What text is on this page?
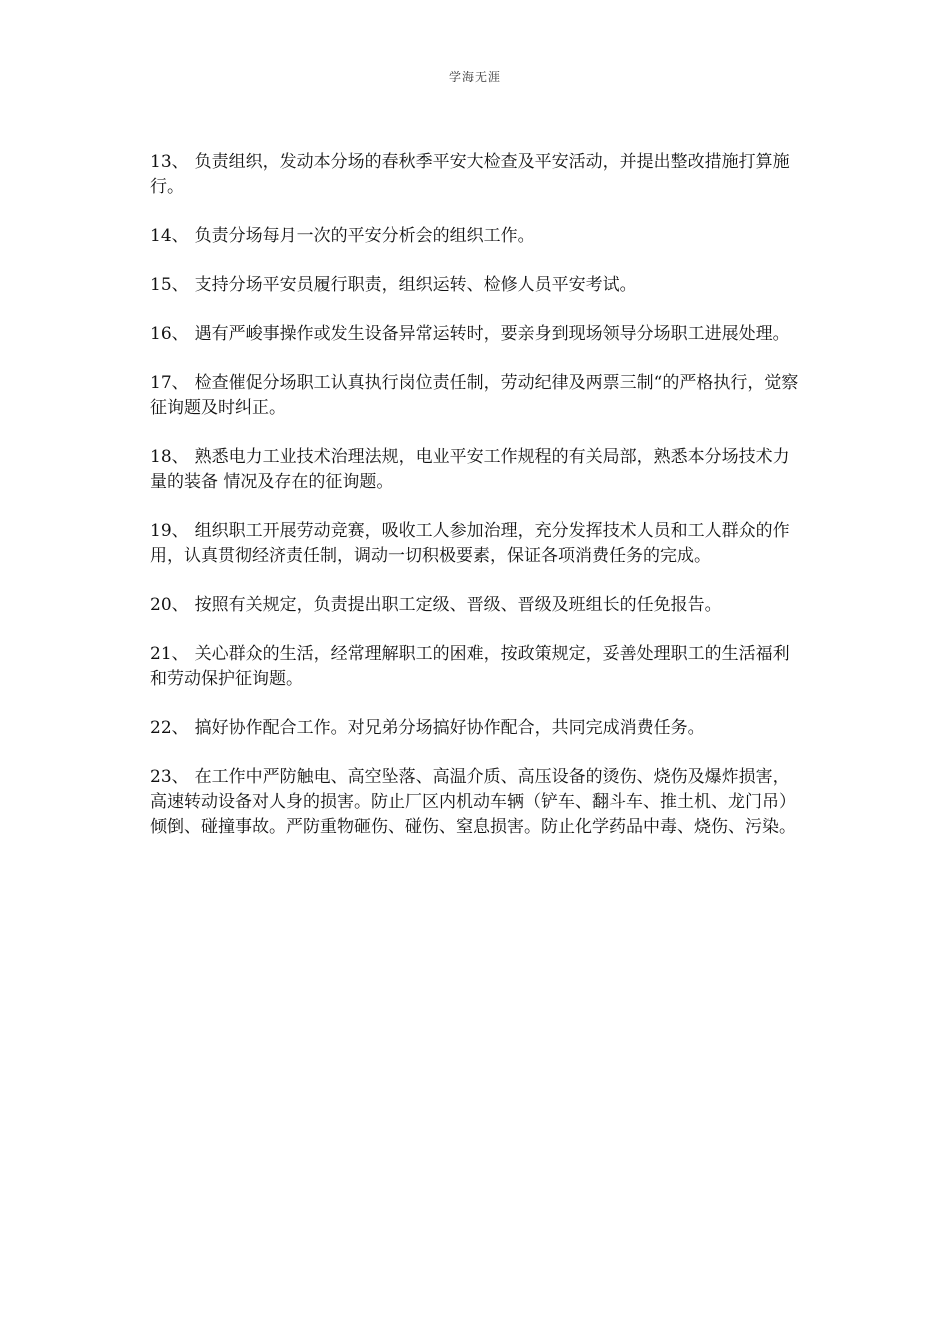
学海无涯

13、 负责组织，发动本分场的春秋季平安大检查及平安活动，并提出整改措施打算施行。

14、 负责分场每月一次的平安分析会的组织工作。

15、 支持分场平安员履行职责，组织运转、检修人员平安考试。

16、 遇有严峻事操作或发生设备异常运转时，要亲身到现场领导分场职工进展处理。

17、 检查催促分场职工认真执行岗位责任制，劳动纪律及两票三制“的严格执行，觉察征询题及时纠正。

18、 熟悉电力工业技术治理法规，电业平安工作规程的有关局部，熟悉本分场技术力量的装备 情况及存在的征询题。

19、 组织职工开展劳动竞赛，吸收工人参加治理，充分发挥技术人员和工人群众的作用，认真贯彻经济责任制，调动一切积极要素，保证各项消费任务的完成。

20、 按照有关规定，负责提出职工定级、晋级、晋级及班组长的任免报告。

21、 关心群众的生活，经常理解职工的困难，按政策规定，妥善处理职工的生活福利和劳动保护征询题。

22、 搞好协作配合工作。对兄弟分场搞好协作配合，共同完成消费任务。

23、 在工作中严防触电、高空坠落、高温介质、高压设备的烫伤、烧伤及爆炸损害，高速转动设备对人身的损害。防止厂区内机动车辆（铲车、翻斗车、推土机、龙门吊）倾倒、碰撞事故。严防重物砸伤、碰伤、窒息损害。防止化学药品中毒、烧伤、污染。
